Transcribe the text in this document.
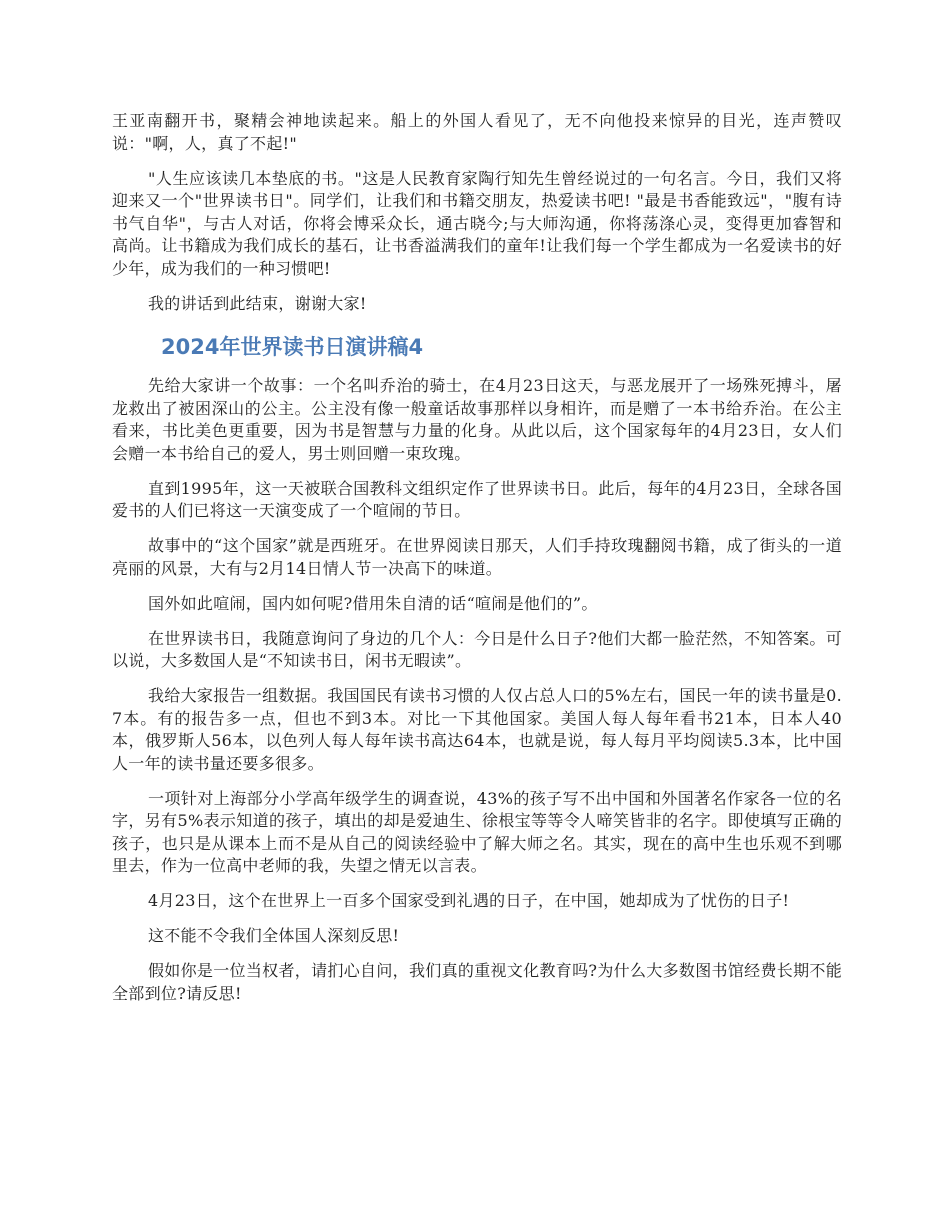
王亚南翻开书，聚精会神地读起来。船上的外国人看见了，无不向他投来惊异的目光，连声赞叹说："啊，人，真了不起!"

"人生应该读几本垫底的书。"这是人民教育家陶行知先生曾经说过的一句名言。今日，我们又将迎来又一个"世界读书日"。同学们，让我们和书籍交朋友，热爱读书吧! "最是书香能致远"，"腹有诗书气自华"，与古人对话，你将会博采众长，通古晓今;与大师沟通，你将荡涤心灵，变得更加睿智和高尚。让书籍成为我们成长的基石，让书香溢满我们的童年!让我们每一个学生都成为一名爱读书的好少年，成为我们的一种习惯吧!

我的讲话到此结束，谢谢大家!

2024年世界读书日演讲稿4

先给大家讲一个故事：一个名叫乔治的骑士，在4月23日这天，与恶龙展开了一场殊死搏斗，屠龙救出了被困深山的公主。公主没有像一般童话故事那样以身相许，而是赠了一本书给乔治。在公主看来，书比美色更重要，因为书是智慧与力量的化身。从此以后，这个国家每年的4月23日，女人们会赠一本书给自己的爱人，男士则回赠一束玫瑰。

直到1995年，这一天被联合国教科文组织定作了世界读书日。此后，每年的4月23日，全球各国爱书的人们已将这一天演变成了一个喧闹的节日。

故事中的“这个国家”就是西班牙。在世界阅读日那天，人们手持玫瑰翻阅书籍，成了街头的一道亮丽的风景，大有与2月14日情人节一决高下的味道。

国外如此喧闹，国内如何呢?借用朱自清的话“喧闹是他们的”。

在世界读书日，我随意询问了身边的几个人：今日是什么日子?他们大都一脸茫然，不知答案。可以说，大多数国人是“不知读书日，闲书无暇读”。

我给大家报告一组数据。我国国民有读书习惯的人仅占总人口的5%左右，国民一年的读书量是0.7本。有的报告多一点，但也不到3本。对比一下其他国家。美国人每人每年看书21本，日本人40本，俄罗斯人56本，以色列人每人每年读书高达64本，也就是说，每人每月平均阅读5.3本，比中国人一年的读书量还要多很多。

一项针对上海部分小学高年级学生的调查说，43%的孩子写不出中国和外国著名作家各一位的名字，另有5%表示知道的孩子，填出的却是爱迪生、徐根宝等等令人啼笑皆非的名字。即使填写正确的孩子，也只是从课本上而不是从自己的阅读经验中了解大师之名。其实，现在的高中生也乐观不到哪里去，作为一位高中老师的我，失望之情无以言表。

4月23日，这个在世界上一百多个国家受到礼遇的日子，在中国，她却成为了忧伤的日子!

这不能不令我们全体国人深刻反思!

假如你是一位当权者，请扪心自问，我们真的重视文化教育吗?为什么大多数图书馆经费长期不能全部到位?请反思!
